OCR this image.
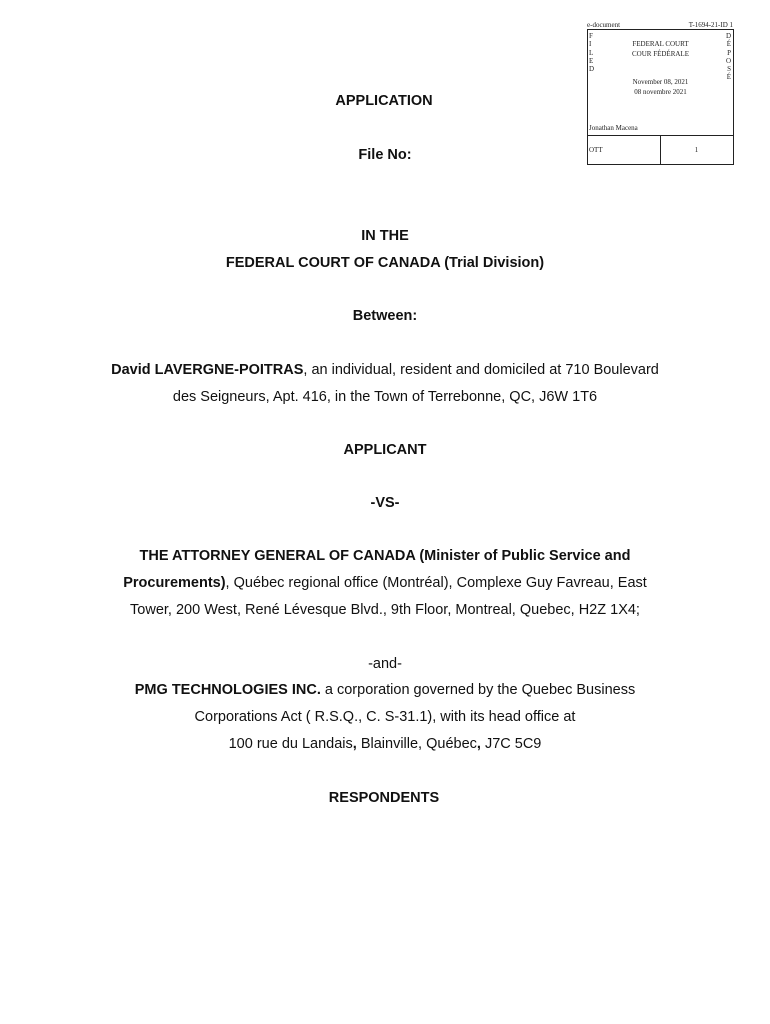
e-document	T-1694-21-ID 1
F
I
L
E
D
D
É
P
O
S
É
FEDERAL COURT
COUR FÉDÉRALE
November 08, 2021
08 novembre 2021
Jonathan Macena
OTT	1
APPLICATION
File No:
IN THE
FEDERAL COURT OF CANADA (Trial Division)
Between:
David LAVERGNE-POITRAS, an individual, resident and domiciled at 710 Boulevard
des Seigneurs, Apt. 416, in the Town of Terrebonne, QC, J6W 1T6
APPLICANT
-VS-
THE ATTORNEY GENERAL OF CANADA (Minister of Public Service and
Procurements), Québec regional office (Montréal), Complexe Guy Favreau, East
Tower, 200 West, René Lévesque Blvd., 9th Floor, Montreal, Quebec, H2Z 1X4;
-and-
PMG TECHNOLOGIES INC. a corporation governed by the Quebec Business
Corporations Act ( R.S.Q., C. S-31.1), with its head office at
100 rue du Landais, Blainville, Québec, J7C 5C9
RESPONDENTS
